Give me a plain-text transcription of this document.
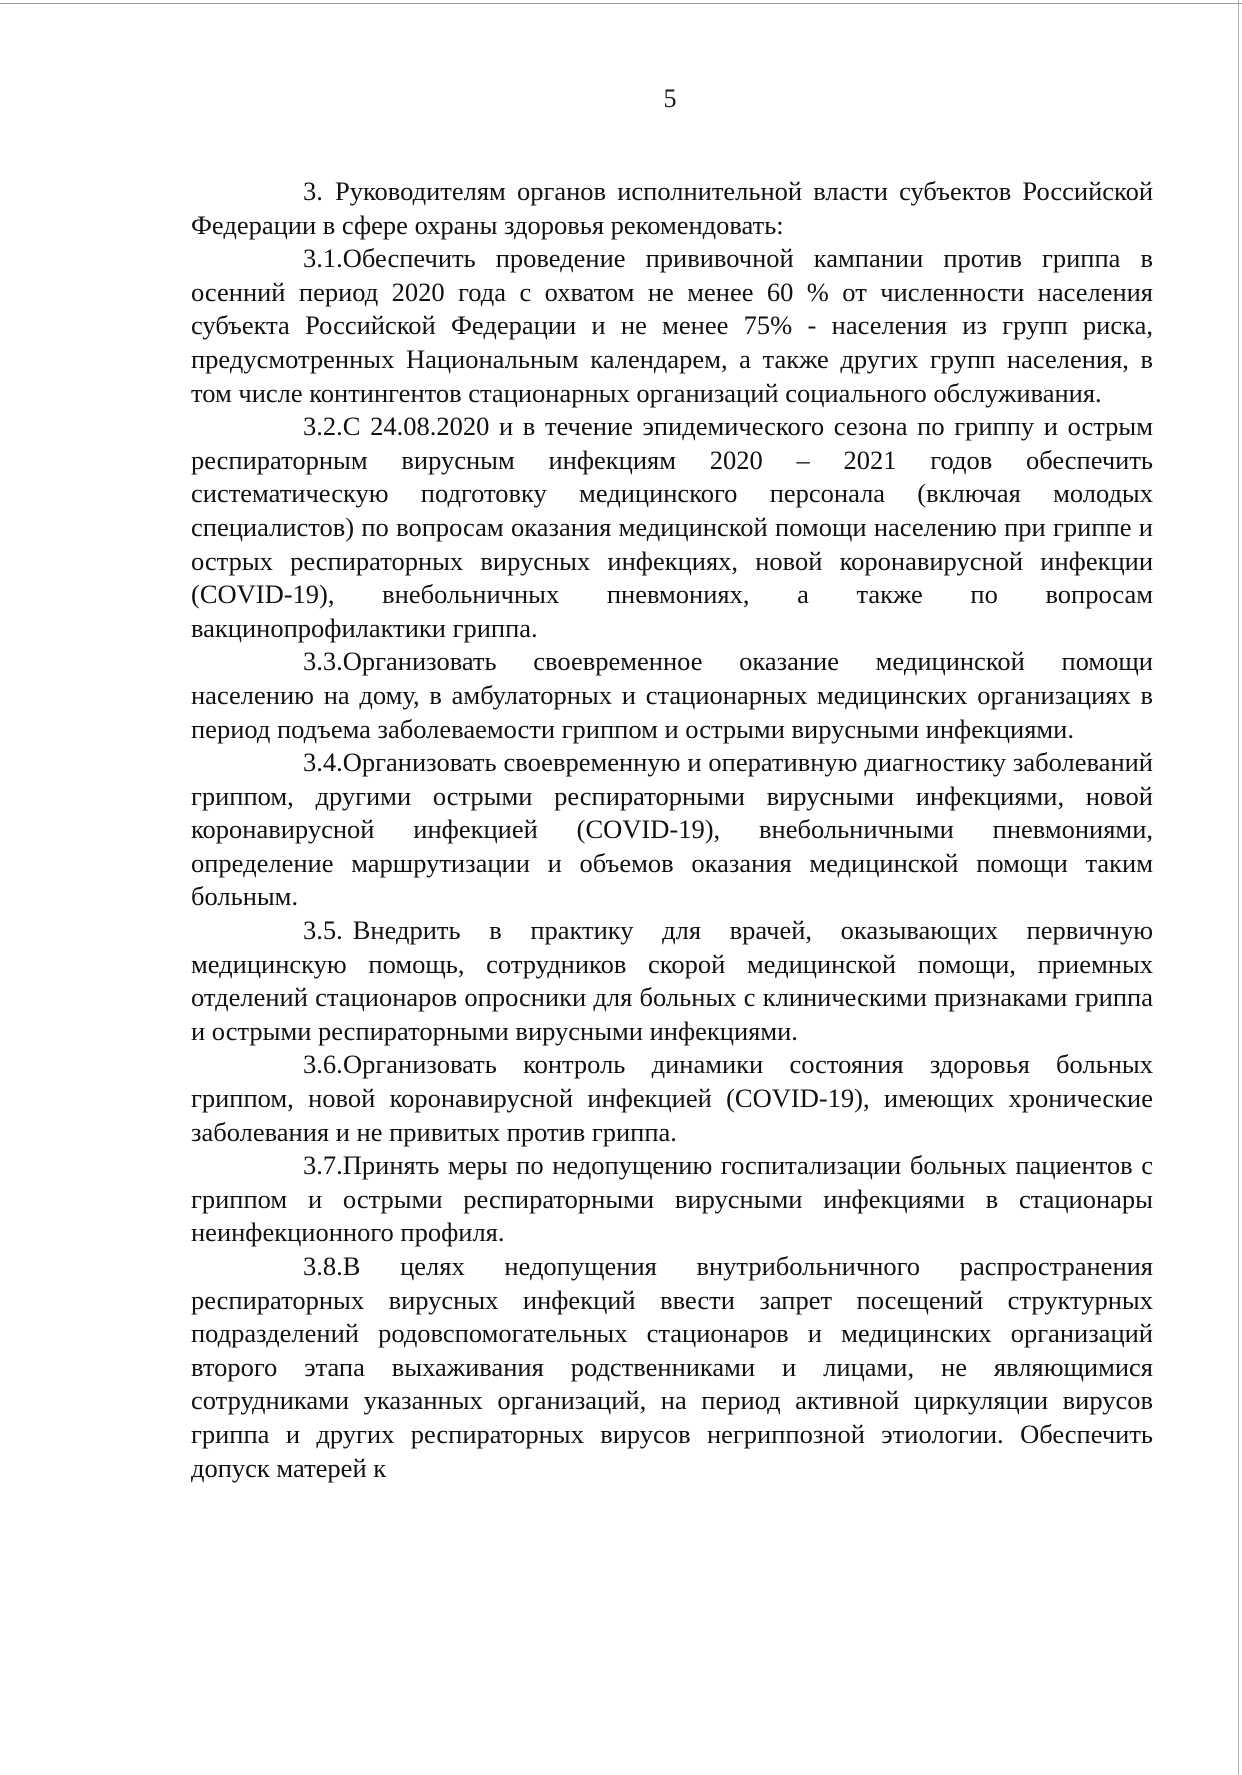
5

3. Руководителям органов исполнительной власти субъектов Российской Федерации в сфере охраны здоровья рекомендовать:

3.1.Обеспечить проведение прививочной кампании против гриппа в осенний период 2020 года с охватом не менее 60 % от численности населения субъекта Российской Федерации и не менее 75% - населения из групп риска, предусмотренных Национальным календарем, а также других групп населения, в том числе контингентов стационарных организаций социального обслуживания.

3.2.С 24.08.2020 и в течение эпидемического сезона по гриппу и острым респираторным вирусным инфекциям 2020 – 2021 годов обеспечить систематическую подготовку медицинского персонала (включая молодых специалистов) по вопросам оказания медицинской помощи населению при гриппе и острых респираторных вирусных инфекциях, новой коронавирусной инфекции (COVID-19), внебольничных пневмониях, а также по вопросам вакцинопрофилактики гриппа.

3.3.Организовать своевременное оказание медицинской помощи населению на дому, в амбулаторных и стационарных медицинских организациях в период подъема заболеваемости гриппом и острыми вирусными инфекциями.

3.4.Организовать своевременную и оперативную диагностику заболеваний гриппом, другими острыми респираторными вирусными инфекциями, новой коронавирусной инфекцией (COVID-19), внебольничными пневмониями, определение маршрутизации и объемов оказания медицинской помощи таким больным.

3.5. Внедрить в практику для врачей, оказывающих первичную медицинскую помощь, сотрудников скорой медицинской помощи, приемных отделений стационаров опросники для больных с клиническими признаками гриппа и острыми респираторными вирусными инфекциями.

3.6.Организовать контроль динамики состояния здоровья больных гриппом, новой коронавирусной инфекцией (COVID-19), имеющих хронические заболевания и не привитых против гриппа.

3.7.Принять меры по недопущению госпитализации больных пациентов с гриппом и острыми респираторными вирусными инфекциями в стационары неинфекционного профиля.

3.8.В целях недопущения внутрибольничного распространения респираторных вирусных инфекций ввести запрет посещений структурных подразделений родовспомогательных стационаров и медицинских организаций второго этапа выхаживания родственниками и лицами, не являющимися сотрудниками указанных организаций, на период активной циркуляции вирусов гриппа и других респираторных вирусов негриппозной этиологии. Обеспечить допуск матерей к
